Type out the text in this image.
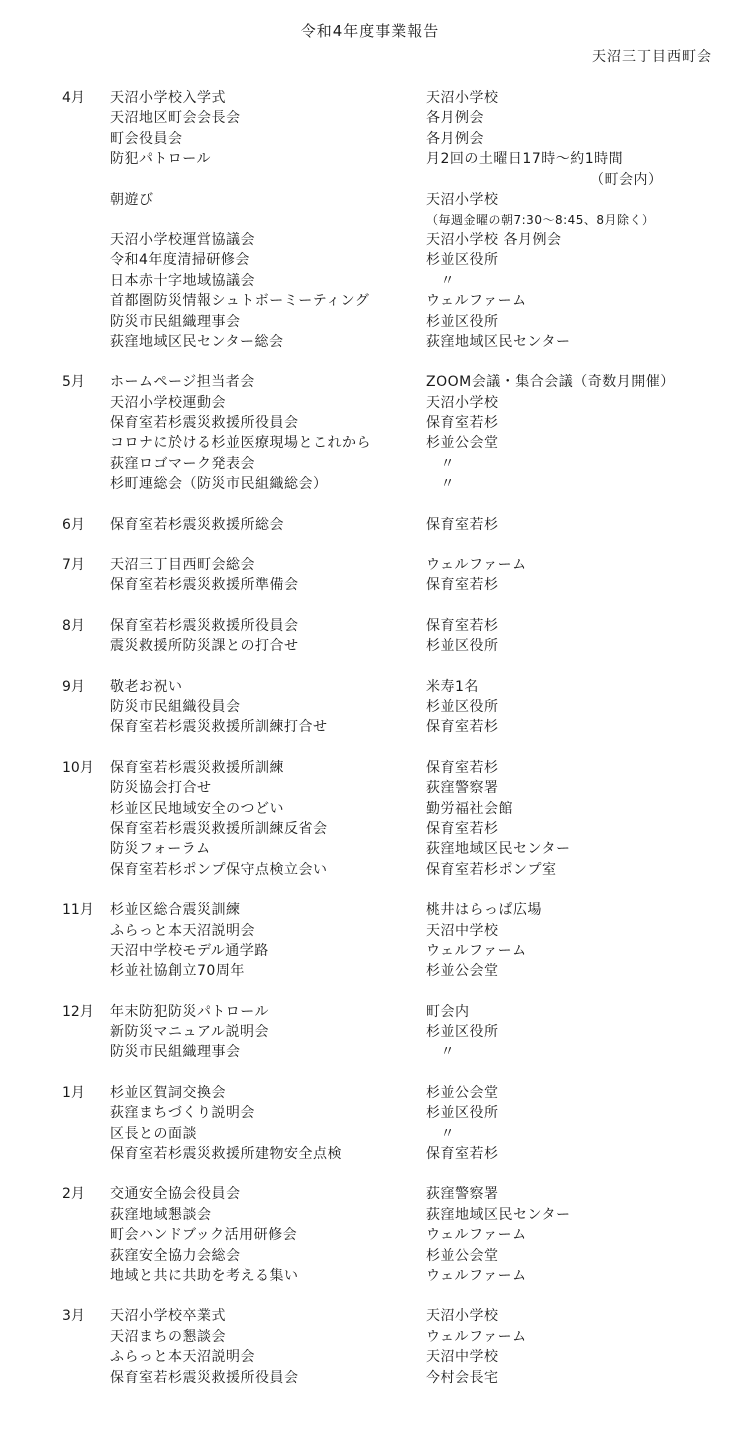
令和4年度事業報告
天沼三丁目西町会
4月 天沼小学校入学式	天沼小学校
天沼地区町会会長会	各月例会
町会役員会	各月例会
防犯パトロール	月2回の土曜日17時〜約1時間
（町会内）
朝遊び	天沼小学校
（毎週金曜の朝7:30〜8:45、8月除く）
天沼小学校運営協議会	天沼小学校 各月例会
令和4年度清掃研修会	杉並区役所
日本赤十字地域協議会	　〃
首都圏防災情報シュトボーミーティング	ウェルファーム
防災市民組織理事会	杉並区役所
荻窪地域区民センター総会	荻窪地域区民センター
5月 ホームページ担当者会	ZOOM会議・集合会議（奇数月開催）
天沼小学校運動会	天沼小学校
保育室若杉震災救援所役員会	保育室若杉
コロナに於ける杉並医療現場とこれから	杉並公会堂
荻窪ロゴマーク発表会	　〃
杉町連総会（防災市民組織総会）	　〃
6月 保育室若杉震災救援所総会	保育室若杉
7月 天沼三丁目西町会総会	ウェルファーム
保育室若杉震災救援所準備会	保育室若杉
8月 保育室若杉震災救援所役員会	保育室若杉
震災救援所防災課との打合せ	杉並区役所
9月 敬老お祝い	米寿1名
防災市民組織役員会	杉並区役所
保育室若杉震災救援所訓練打合せ	保育室若杉
10月 保育室若杉震災救援所訓練	保育室若杉
防災協会打合せ	荻窪警察署
杉並区民地域安全のつどい	勤労福社会館
保育室若杉震災救援所訓練反省会	保育室若杉
防災フォーラム	荻窪地域区民センター
保育室若杉ポンプ保守点検立会い	保育室若杉ポンプ室
11月 杉並区総合震災訓練	桃井はらっぱ広場
ふらっと本天沼説明会	天沼中学校
天沼中学校モデル通学路	ウェルファーム
杉並社協創立70周年	杉並公会堂
12月 年末防犯防災パトロール	町会内
新防災マニュアル説明会	杉並区役所
防災市民組織理事会	　〃
1月 杉並区賀詞交換会	杉並公会堂
荻窪まちづくり説明会	杉並区役所
区長との面談	　〃
保育室若杉震災救援所建物安全点検	保育室若杉
2月 交通安全協会役員会	荻窪警察署
荻窪地域懇談会	荻窪地域区民センター
町会ハンドブック活用研修会	ウェルファーム
荻窪安全協力会総会	杉並公会堂
地域と共に共助を考える集い	ウェルファーム
3月 天沼小学校卒業式	天沼小学校
天沼まちの懇談会	ウェルファーム
ふらっと本天沼説明会	天沼中学校
保育室若杉震災救援所役員会	今村会長宅
